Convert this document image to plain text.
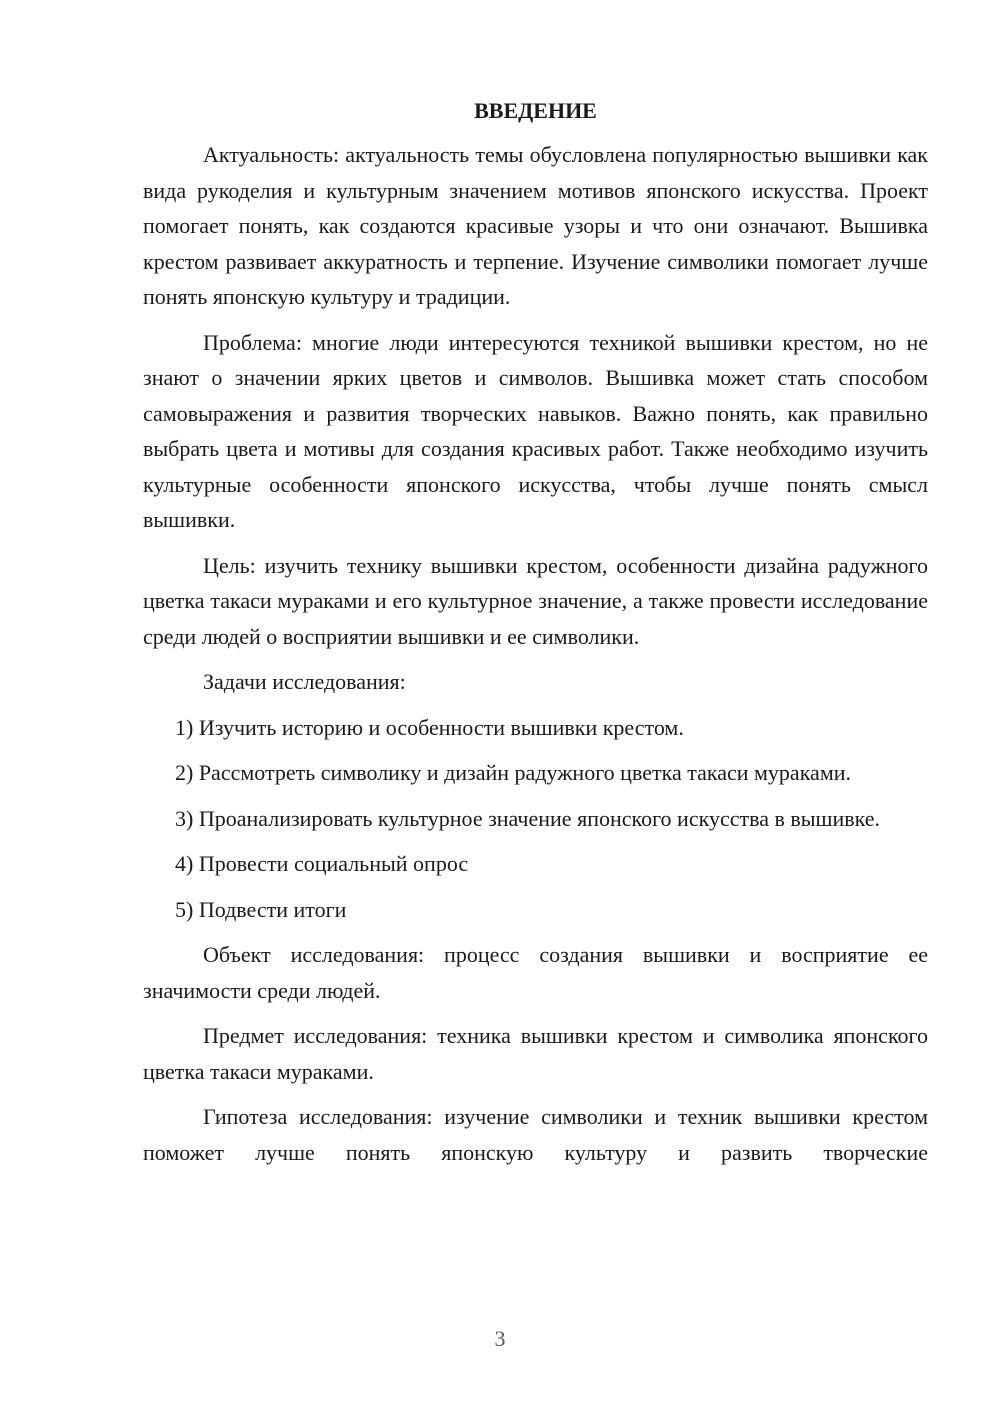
ВВЕДЕНИЕ

Актуальность: актуальность темы обусловлена популярностью вышивки как вида рукоделия и культурным значением мотивов японского искусства. Проект помогает понять, как создаются красивые узоры и что они означают. Вышивка крестом развивает аккуратность и терпение. Изучение символики помогает лучше понять японскую культуру и традиции.

Проблема: многие люди интересуются техникой вышивки крестом, но не знают о значении ярких цветов и символов. Вышивка может стать способом самовыражения и развития творческих навыков. Важно понять, как правильно выбрать цвета и мотивы для создания красивых работ. Также необходимо изучить культурные особенности японского искусства, чтобы лучше понять смысл вышивки.

Цель: изучить технику вышивки крестом, особенности дизайна радужного цветка такаси мураками и его культурное значение, а также провести исследование среди людей о восприятии вышивки и ее символики.

Задачи исследования:

1) Изучить историю и особенности вышивки крестом.

2) Рассмотреть символику и дизайн радужного цветка такаси мураками.

3) Проанализировать культурное значение японского искусства в вышивке.

4) Провести социальный опрос

5) Подвести итоги

Объект исследования: процесс создания вышивки и восприятие ее значимости среди людей.

Предмет исследования: техника вышивки крестом и символика японского цветка такаси мураками.

Гипотеза исследования: изучение символики и техник вышивки крестом поможет лучше понять японскую культуру и развить творческие

3
